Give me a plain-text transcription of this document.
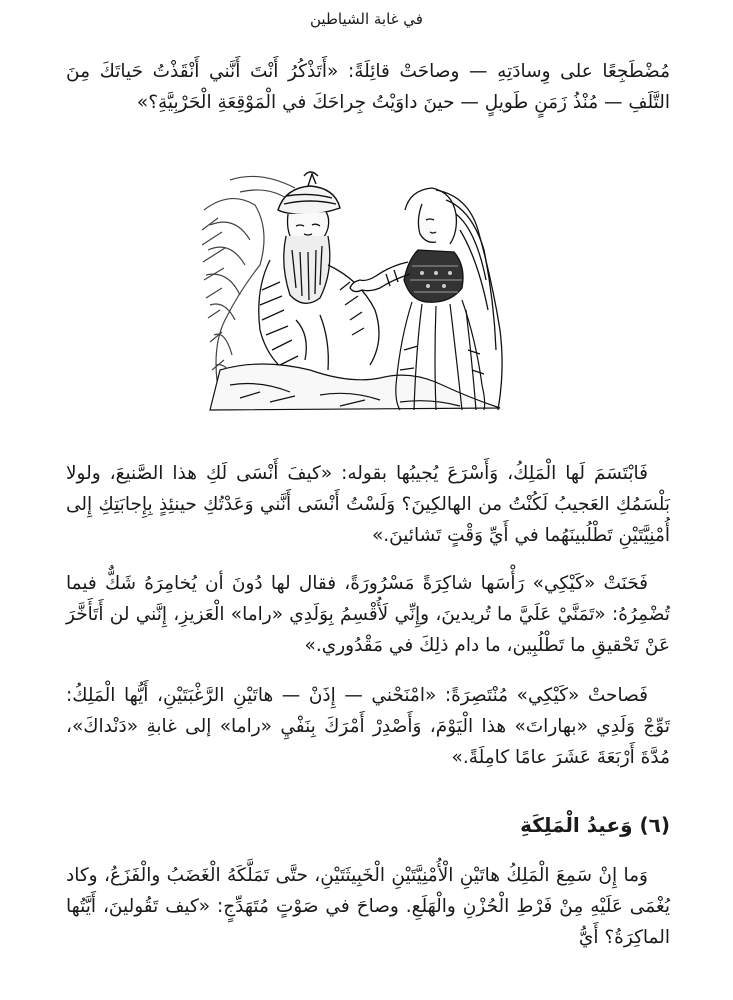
في غابة الشياطين

مُضْطَجِعًا على وِسادَتِهِ — وصاحَتْ قائِلَةً: «أَتَذْكُرُ أَنْتَ أَنَّني أَنْقَذْتُ حَياتَكَ مِنَ التَّلَفِ — مُنْذُ زَمَنٍ طَويلٍ — حينَ داوَيْتُ جِراحَكَ في الْمَوْقِعَةِ الْحَرْبِيَّةِ؟»

فَابْتَسَمَ لَها الْمَلِكُ، وَأَسْرَعَ يُجيبُها بقوله: «كيفَ أَنْسَى لَكِ هذا الصَّنيعَ، ولولا بَلْسَمُكِ العَجيبُ لَكُنْتُ من الهالكِينَ؟ وَلَسْتُ أَنْسَى أَنَّني وَعَدْتُكِ حينئِذٍ بِإِجابَتِكِ إِلى أُمْنِيَّتَيْنِ تَطْلُبينَهُما في أَيِّ وَقْتٍ تَشائينَ.»

فَحَنَتْ «كَيْكِي» رَأْسَها شاكِرَةً مَسْرُورَةً، فقال لها دُونَ أن يُخامِرَهُ شَكٌّ فيما تُضْمِرُهُ: «تَمَنَّيْ عَلَيَّ ما تُريدينَ، وإِنِّي لَأُقْسِمُ بِوَلَدِي «راما» الْعَزيزِ، إِنَّني لن أَتَأَخَّرَ عَنْ تَحْقيقِ ما تَطْلُبِين، ما دام ذلِكَ في مَقْدُوري.»

فَصاحتْ «كَيْكِي» مُنْتَصِرَةً: «امْنَحْني — إِذَنْ — هاتَيْنِ الرَّغْبَتَيْنِ، أَيُّها الْمَلِكُ: تَوِّجْ وَلَدِي «بهاراتَ» هذا الْيَوْمَ، وَأَصْدِرْ أَمْرَكَ بِنَفْيِ «راما» إلى غابةِ «دَنْداكَ»، مُدَّةَ أَرْبَعَةَ عَشَرَ عامًا كامِلَةً.»

(٦) وَعيدُ الْمَلِكَةِ

وَما إِنْ سَمِعَ الْمَلِكُ هاتَيْنِ الْأُمْنِيَّتَيْنِ الْخَبِيثَتَيْنِ، حتَّى تَمَلَّكَهُ الْغَضَبُ والْفَزَعُ، وكاد يُغْمَى عَلَيْهِ مِنْ فَرْطِ الْحُزْنِ والْهَلَعِ. وصاحَ في صَوْتٍ مُتَهَدِّجٍ: «كيف تَقُولينَ، أَيَّتُها الماكِرَةُ؟ أَيُّ
